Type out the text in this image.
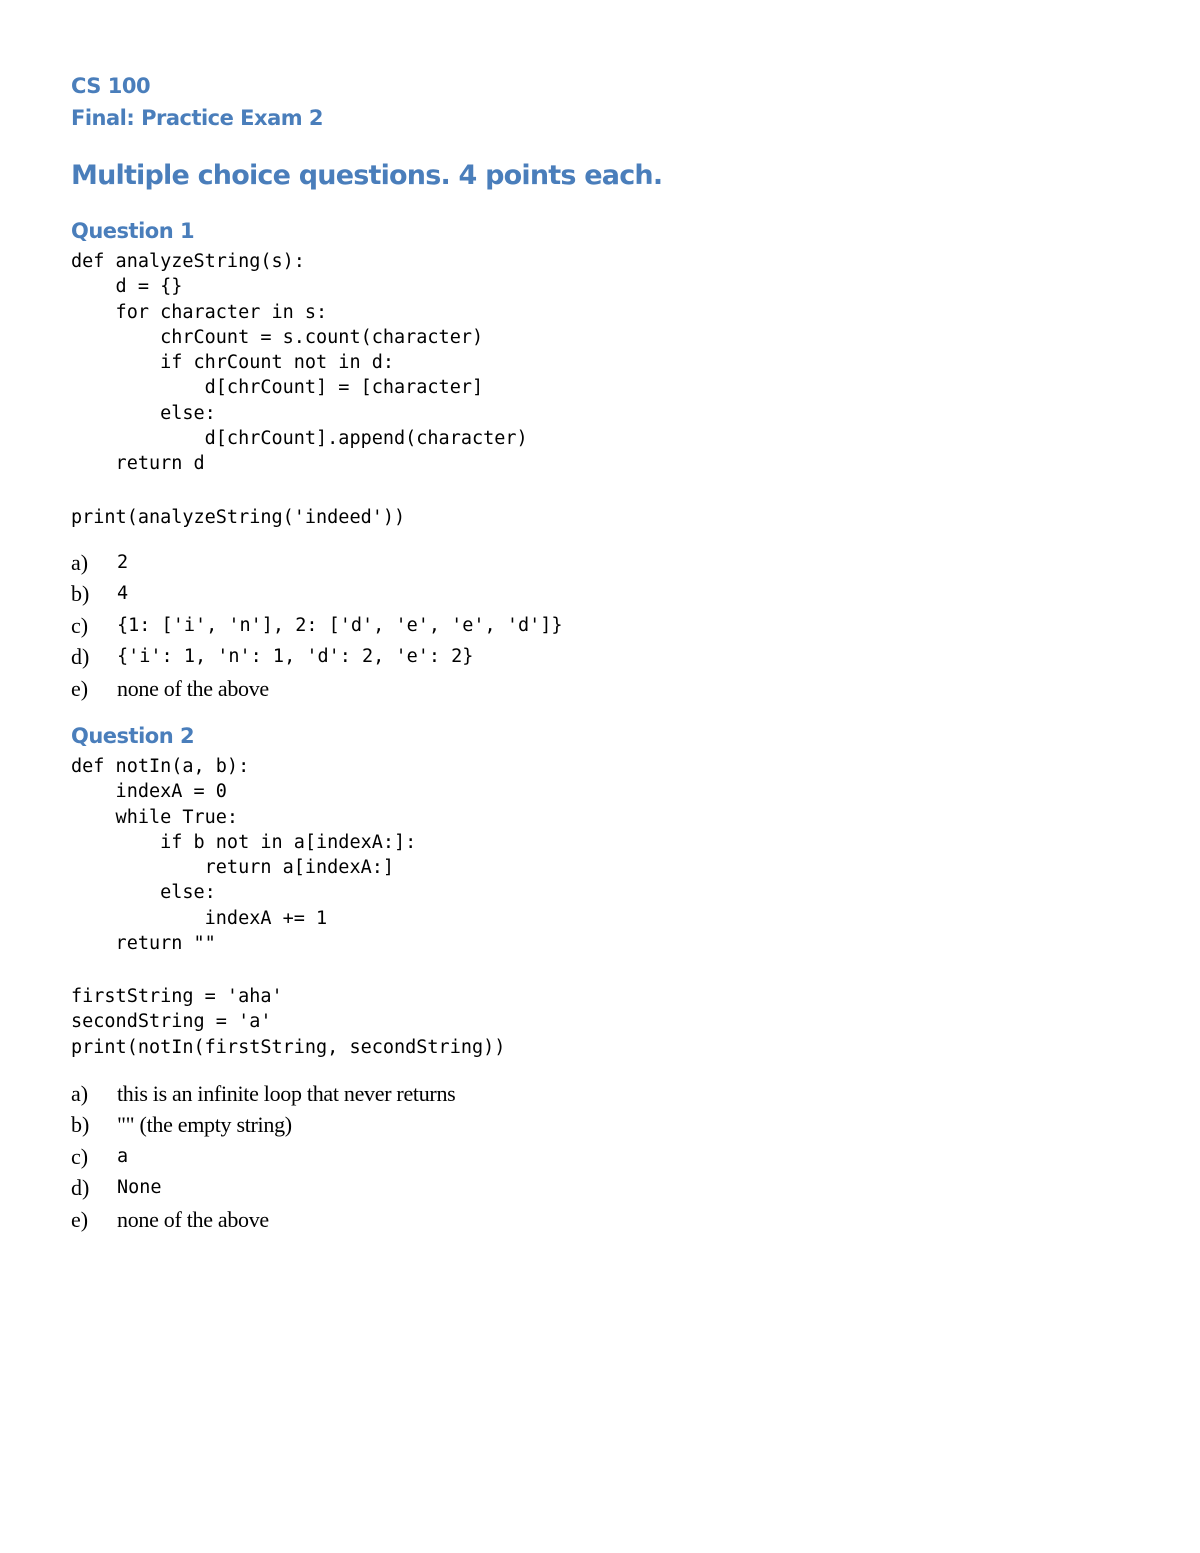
CS 100
Final: Practice Exam 2
Multiple choice questions. 4 points each.
Question 1
def analyzeString(s):
d = {}
for character in s:
chrCount = s.count(character)
if chrCount not in d:
d[chrCount] = [character]
else:
d[chrCount].append(character)
return d
print(analyzeString('indeed'))
a) 2
b) 4
c) {1: ['i', 'n'], 2: ['d', 'e', 'e', 'd']}
d) {'i': 1, 'n': 1, 'd': 2, 'e': 2}
e) none of the above
Question 2
def notIn(a, b):
indexA = 0
while True:
if b not in a[indexA:]:
return a[indexA:]
else:
indexA += 1
return ""
firstString = 'aha'
secondString = 'a'
print(notIn(firstString, secondString))
a) this is an infinite loop that never returns
b) "" (the empty string)
c) a
d) None
e) none of the above
